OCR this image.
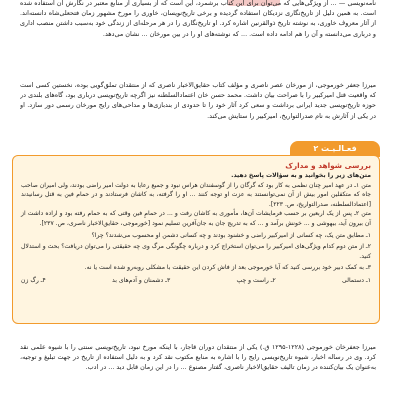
نامه‌نویسی — ... از ویژگی‌هایی که می‌توان برای این کتاب برشمرد، این است که از بسیاری از منابع معتبر در نگارش آن استفاده شده است. به همین دلیل از تاریخ‌نگاری نزدیکان استفاده گردیده و برخی تاریخ‌نویسان، خاوری را مورخ مشهور زمان فتحعلی‌شاه دانسته‌اند. از آثار معروف خاوری، به نوشته تاریخ ذوالقرنین اشاره کرد. او تاریخ‌نگاری را در هر مرحله‌ای از زندگی خود به‌سبب داشتن منصب اداری و درباری می‌دانسته و آن را هم ادامه داده است. ... که نوشته‌های او را در بین مورخان ... نشان می‌دهد.
میرزا جعفر خورموجی، از مورخان عصر ناصری و مؤلف کتاب حقایق‌الاخبار ناصری که از منتقدان تملق‌گویی بوده، نخستین کسی است که واقعیت قتل امیرکبیر را با صراحت بیان داشت. محمد حسن خان اعتمادالسلطنه نیز اگرچه تاریخ‌نویسی درباری بود، گاه‌های بلندی در حوزه تاریخ‌نویسی جدید ایرانی برداشت و سعی کرد آثار خود را تا حدودی از بندبازی‌ها و مداحی‌های رایج مورخان رسمی دور سازد. او در یکی از آثارش به نام صدرالتواریخ، امیرکبیر را ستایش می‌کند.
فعـالـیـت ۲
بررسی شواهد و مدارک
متن‌های زیر را بخوانید و به سؤالات پاسخ دهید.
متن ۱ـ در عهد امیر چنان نظمی به کار بود که گرگان را از گوسفندان هراس نبود و جمیع رعایا به دولت امیر راضی بودند، ولی امیران صاحب جاه که متکفلین امور بیش از آن نمی‌توانستند به عزت او توجه کنند ... او را گرفته، به کاشان فرستادند و در حمام فین به قتل رسانیدند [اعتمادالسلطنه، صدرالتواریخ، ص. ۲۲۳].
متن ۲ـ پس از یک اربعین بر حسب فرمایشات آن‌ها، مأموری به کاشان رفت و ... در حمامِ فین وقتی که به حمام رفته بود و اراده داشت از آن بیرون آید، بیهوشی و ... خونش برآمد و ... که به تدریج جان به جان‌آفرین تسلیم نمود [خورموجی، حقایق‌الاخبار ناصری، ص. ۲۳۷].
۱ـ مطابق متن یک، چه کسانی از امیرکبیر راضی و خشنود بودند و چه کسانی دشمن او محسوب می‌شدند؟ چرا؟
۲ـ از متن دوم کدام ویژگی‌های امیرکبیر را می‌توان استخراج کرد و درباره چگونگی مرگ وی چه حقیقتی را می‌توان دریافت؟ بحث و استدلال کنید.
۳ـ به کمک دبیر خود بررسی کنید که آیا خورموجی بعد از فاش کردن این حقیقت با مشکلی روبه‌رو شده است یا نه.
۱ـ دستمالی
۲ـ راست و چپ
۳ـ دشمنان و آدم‌های بد
۴ـ رگ زن
میرزا جعفرخان خورموجی (۱۲۲۸-۱۲۹۵ ق.) یکی از منتقدان دوران قاجار، با اینکه مورخ نبود، تاریخ‌نویسی سنتی را با شیوه علمی نقد کرد. وی در رساله اخبار، شیوه تاریخ‌نویسی رایج را با اشاره به منابع مکتوب نقد کرد و به دلیل استفاده از تاریخ در جهت تبلیغ و توجیه، به‌عنوان یک بیان‌کننده در زمان تالیف حقایق‌الاخبار ناصری، گفتار مصنوع ... را در این زمان قابل دید ... در ادب.
